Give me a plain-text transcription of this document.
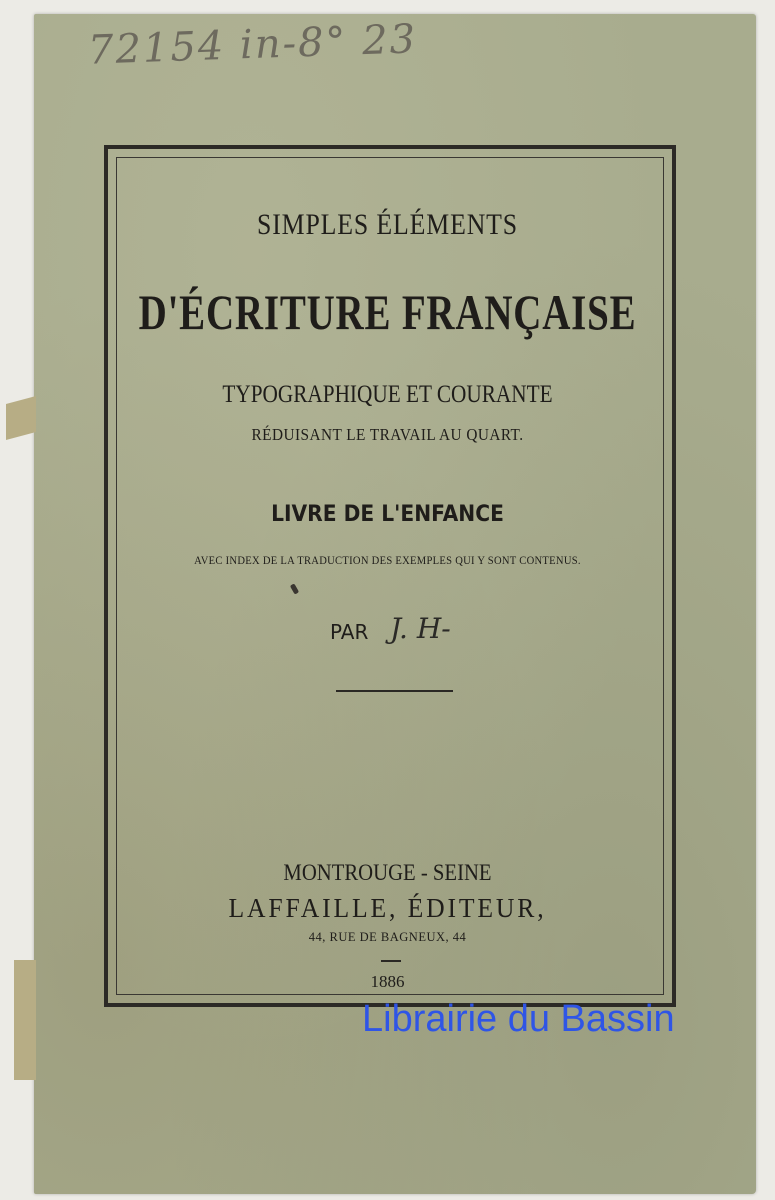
72154 in-8° 23
SIMPLES ÉLÉMENTS
D'ÉCRITURE FRANÇAISE
TYPOGRAPHIQUE ET COURANTE
RÉDUISANT LE TRAVAIL AU QUART.
LIVRE DE L'ENFANCE
AVEC INDEX DE LA TRADUCTION DES EXEMPLES QUI Y SONT CONTENUS.
PAR J. H-
MONTROUGE - SEINE
LAFFAILLE, ÉDITEUR,
44, RUE DE BAGNEUX, 44
1886
Librairie du Bassin
